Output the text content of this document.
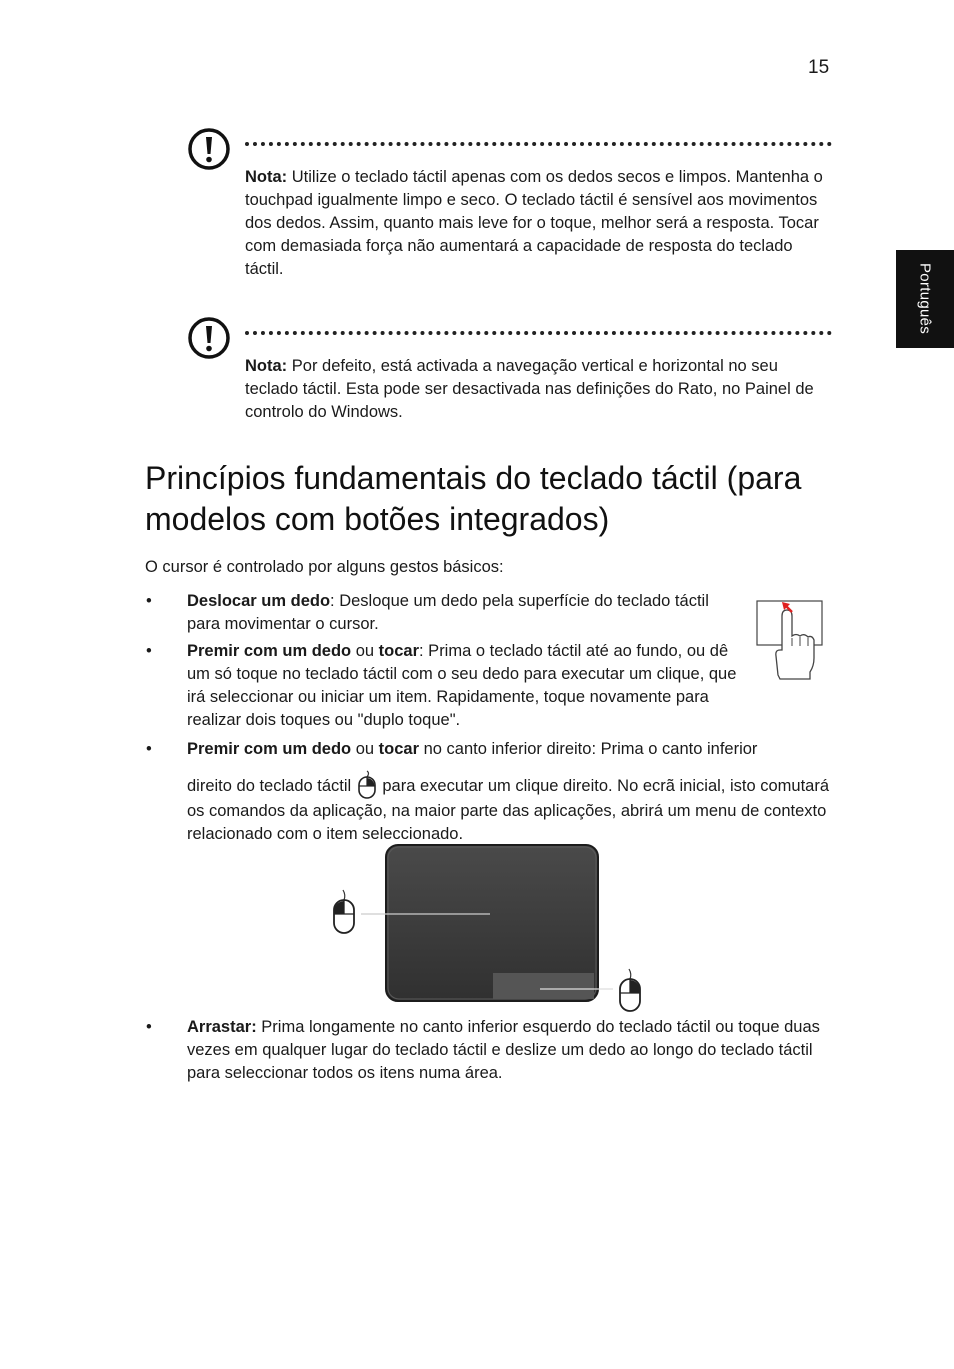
15
Português
Nota: Utilize o teclado táctil apenas com os dedos secos e limpos. Mantenha o touchpad igualmente limpo e seco. O teclado táctil é sensível aos movimentos dos dedos. Assim, quanto mais leve for o toque, melhor será a resposta. Tocar com demasiada força não aumentará a capacidade de resposta do teclado táctil.
Nota: Por defeito, está activada a navegação vertical e horizontal no seu teclado táctil. Esta pode ser desactivada nas definições do Rato, no Painel de controlo do Windows.
Princípios fundamentais do teclado táctil (para modelos com botões integrados)
O cursor é controlado por alguns gestos básicos:
• Deslocar um dedo: Desloque um dedo pela superfície do teclado táctil para movimentar o cursor.
• Premir com um dedo ou tocar: Prima o teclado táctil até ao fundo, ou dê um só toque no teclado táctil com o seu dedo para executar um clique, que irá seleccionar ou iniciar um item. Rapidamente, toque novamente para realizar dois toques ou "duplo toque".
• Premir com um dedo ou tocar no canto inferior direito: Prima o canto inferior
direito do teclado táctil para executar um clique direito. No ecrã inicial, isto comutará os comandos da aplicação, na maior parte das aplicações, abrirá um menu de contexto relacionado com o item seleccionado.
• Arrastar: Prima longamente no canto inferior esquerdo do teclado táctil ou toque duas vezes em qualquer lugar do teclado táctil e deslize um dedo ao longo do teclado táctil para seleccionar todos os itens numa área.
